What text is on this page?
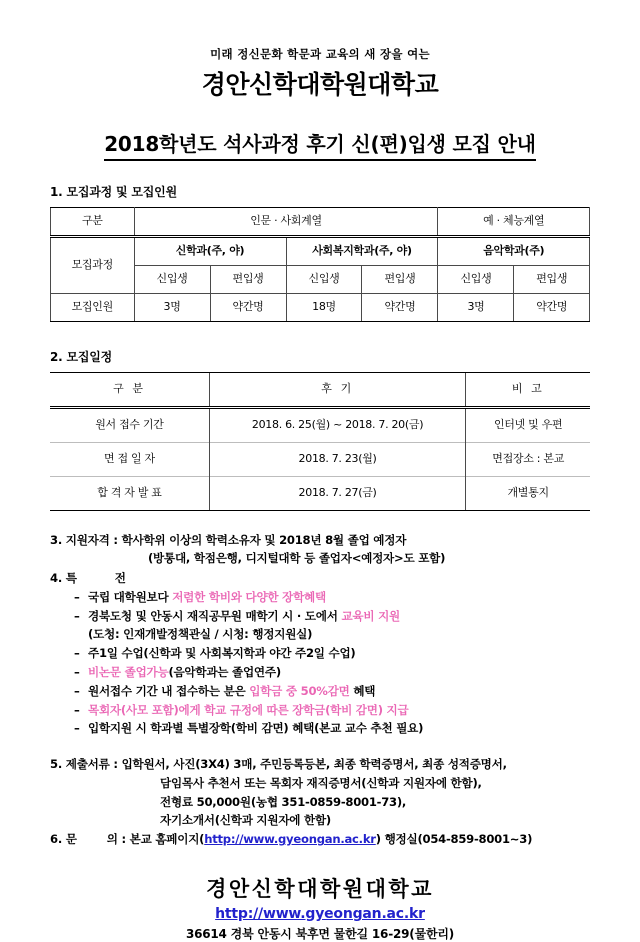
미래 정신문화 학문과 교육의 새 장을 여는
경안신학대학원대학교
2018학년도 석사과정 후기 신(편)입생 모집 안내
1. 모집과정 및 모집인원
구분	인문 · 사회계열				예 · 체능계열	
모집과정	신학과(주, 야)		사회복지학과(주, 야)		음악학과(주)	
	신입생	편입생	신입생	편입생	신입생	편입생
모집인원	3명	약간명	18명	약간명	3명	약간명
2. 모집일정
구 분	후 기	비 고
원서 접수 기간	2018. 6. 25(월) ~ 2018. 7. 20(금)	인터넷 및 우편
면 접 일 자	2018. 7. 23(월)	면접장소 : 본교
합 격 자 발 표	2018. 7. 27(금)	개별통지
3. 지원자격 : 학사학위 이상의 학력소유자 및 2018년 8월 졸업 예정자
(방통대, 학점은행, 디지털대학 등 졸업자<예정자>도 포함)
4. 특	전
– 국립 대학원보다 저렴한 학비와 다양한 장학혜택
– 경북도청 및 안동시 재직공무원 매학기 시 · 도에서 교육비 지원
(도청: 인재개발정책관실 / 시청: 행정지원실)
– 주1일 수업(신학과 및 사회복지학과 야간 주2일 수업)
– 비논문 졸업가능(음악학과는 졸업연주)
– 원서접수 기간 내 접수하는 분은 입학금 중 50%감면 혜택
– 목회자(사모 포함)에게 학교 규정에 따른 장학금(학비 감면) 지급
– 입학지원 시 학과별 특별장학(학비 감면) 혜택(본교 교수 추천 필요)
5. 제출서류 : 입학원서, 사진(3X4) 3매, 주민등록등본, 최종 학력증명서, 최종 성적증명서,
담임목사 추천서 또는 목회자 재직증명서(신학과 지원자에 한함),
전형료 50,000원(농협 351-0859-8001-73),
자기소개서(신학과 지원자에 한함)
6. 문	의 : 본교 홈페이지(http://www.gyeongan.ac.kr) 행정실(054-859-8001~3)
경안신학대학원대학교
http://www.gyeongan.ac.kr
36614 경북 안동시 북후면 물한길 16-29(물한리)
